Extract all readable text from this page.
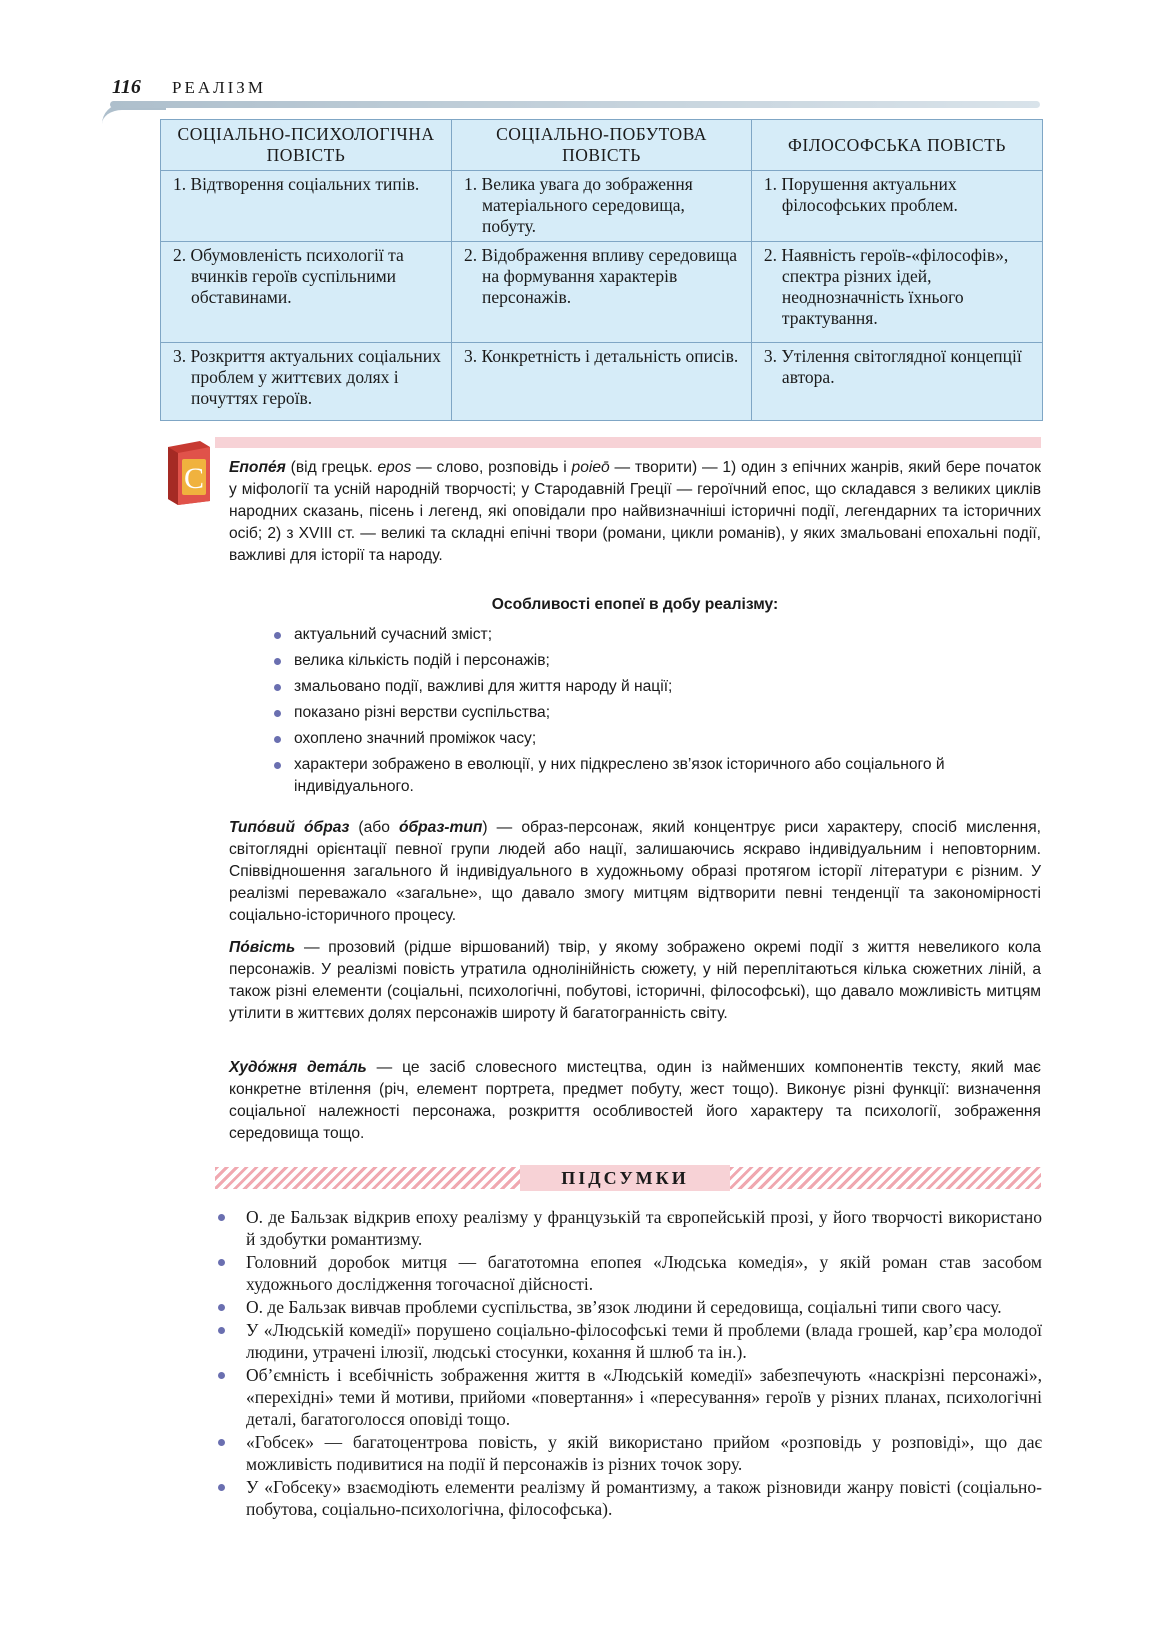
116 РЕАЛІЗМ
СОЦІАЛЬНО-ПСИХОЛОГІЧНА ПОВІСТЬ	СОЦІАЛЬНО-ПОБУТОВА ПОВІСТЬ	ФІЛОСОФСЬКА ПОВІСТЬ

1. Відтворення соціальних типів.	1. Велика увага до зображення матеріального середовища, побуту.	1. Порушення актуальних філософських проблем.

2. Обумовленість психології та вчинків героїв суспільними обставинами.	2. Відображення впливу середовища на формування характерів персонажів.	2. Наявність героїв-«філософів», спектра різних ідей, неоднозначність їхнього трактування.

3. Розкриття актуальних соціальних проблем у життєвих долях і почуттях героїв.	3. Конкретність і детальність описів.	3. Утілення світоглядної концепції автора.
C Епопе́я (від грецьк. epos — слово, розповідь і poieō — творити) — 1) один з епічних жанрів, який бере початок у міфології та усній народній творчості; у Стародавній Греції — героїчний епос, що складався з великих циклів народних сказань, пісень і легенд, які оповідали про найвизначніші історичні події, легендарних та історичних осіб; 2) з XVIII ст. — великі та складні епічні твори (романи, цикли романів), у яких змальовані епохальні події, важливі для історії та народу.
Особливості епопеї в добу реалізму:
актуальний сучасний зміст;
велика кількість подій і персонажів;
змальовано події, важливі для життя народу й нації;
показано різні верстви суспільства;
охоплено значний проміжок часу;
характери зображено в еволюції, у них підкреслено зв’язок історичного або соціального й індивідуального.
Типо́вий о́браз (або о́браз-тип) — образ-персонаж, який концентрує риси характеру, спосіб мислення, світоглядні орієнтації певної групи людей або нації, залишаючись яскраво індивідуальним і неповторним. Співвідношення загального й індивідуального в художньому образі протягом історії літератури є різним. У реалізмі переважало «загальне», що давало змогу митцям відтворити певні тенденції та закономірності соціально-історичного процесу.
По́вість — прозовий (рідше віршований) твір, у якому зображено окремі події з життя невеликого кола персонажів. У реалізмі повість утратила однолінійність сюжету, у ній переплітаються кілька сюжетних ліній, а також різні елементи (соціальні, психологічні, побутові, історичні, філософські), що давало можливість митцям утілити в життєвих долях персонажів широту й багатогранність світу.
Худо́жня дета́ль — це засіб словесного мистецтва, один із найменших компонентів тексту, який має конкретне втілення (річ, елемент портрета, предмет побуту, жест тощо). Виконує різні функції: визначення соціальної належності персонажа, розкриття особливостей його характеру та психології, зображення середовища тощо.
ПІДСУМКИ
О. де Бальзак відкрив епоху реалізму у французькій та європейській прозі, у його творчості використано й здобутки романтизму.
Головний доробок митця — багатотомна епопея «Людська комедія», у якій роман став засобом художнього дослідження тогочасної дійсності.
О. де Бальзак вивчав проблеми суспільства, зв’язок людини й середовища, соціальні типи свого часу.
У «Людській комедії» порушено соціально-філософські теми й проблеми (влада грошей, кар’єра молодої людини, утрачені ілюзії, людські стосунки, кохання й шлюб та ін.).
Об’ємність і всебічність зображення життя в «Людській комедії» забезпечують «наскрізні персонажі», «перехідні» теми й мотиви, прийоми «повертання» і «пересування» героїв у різних планах, психологічні деталі, багатоголосся оповіді тощо.
«Гобсек» — багатоцентрова повість, у якій використано прийом «розповідь у розповіді», що дає можливість подивитися на події й персонажів із різних точок зору.
У «Гобсеку» взаємодіють елементи реалізму й романтизму, а також різновиди жанру повісті (соціально-побутова, соціально-психологічна, філософська).
